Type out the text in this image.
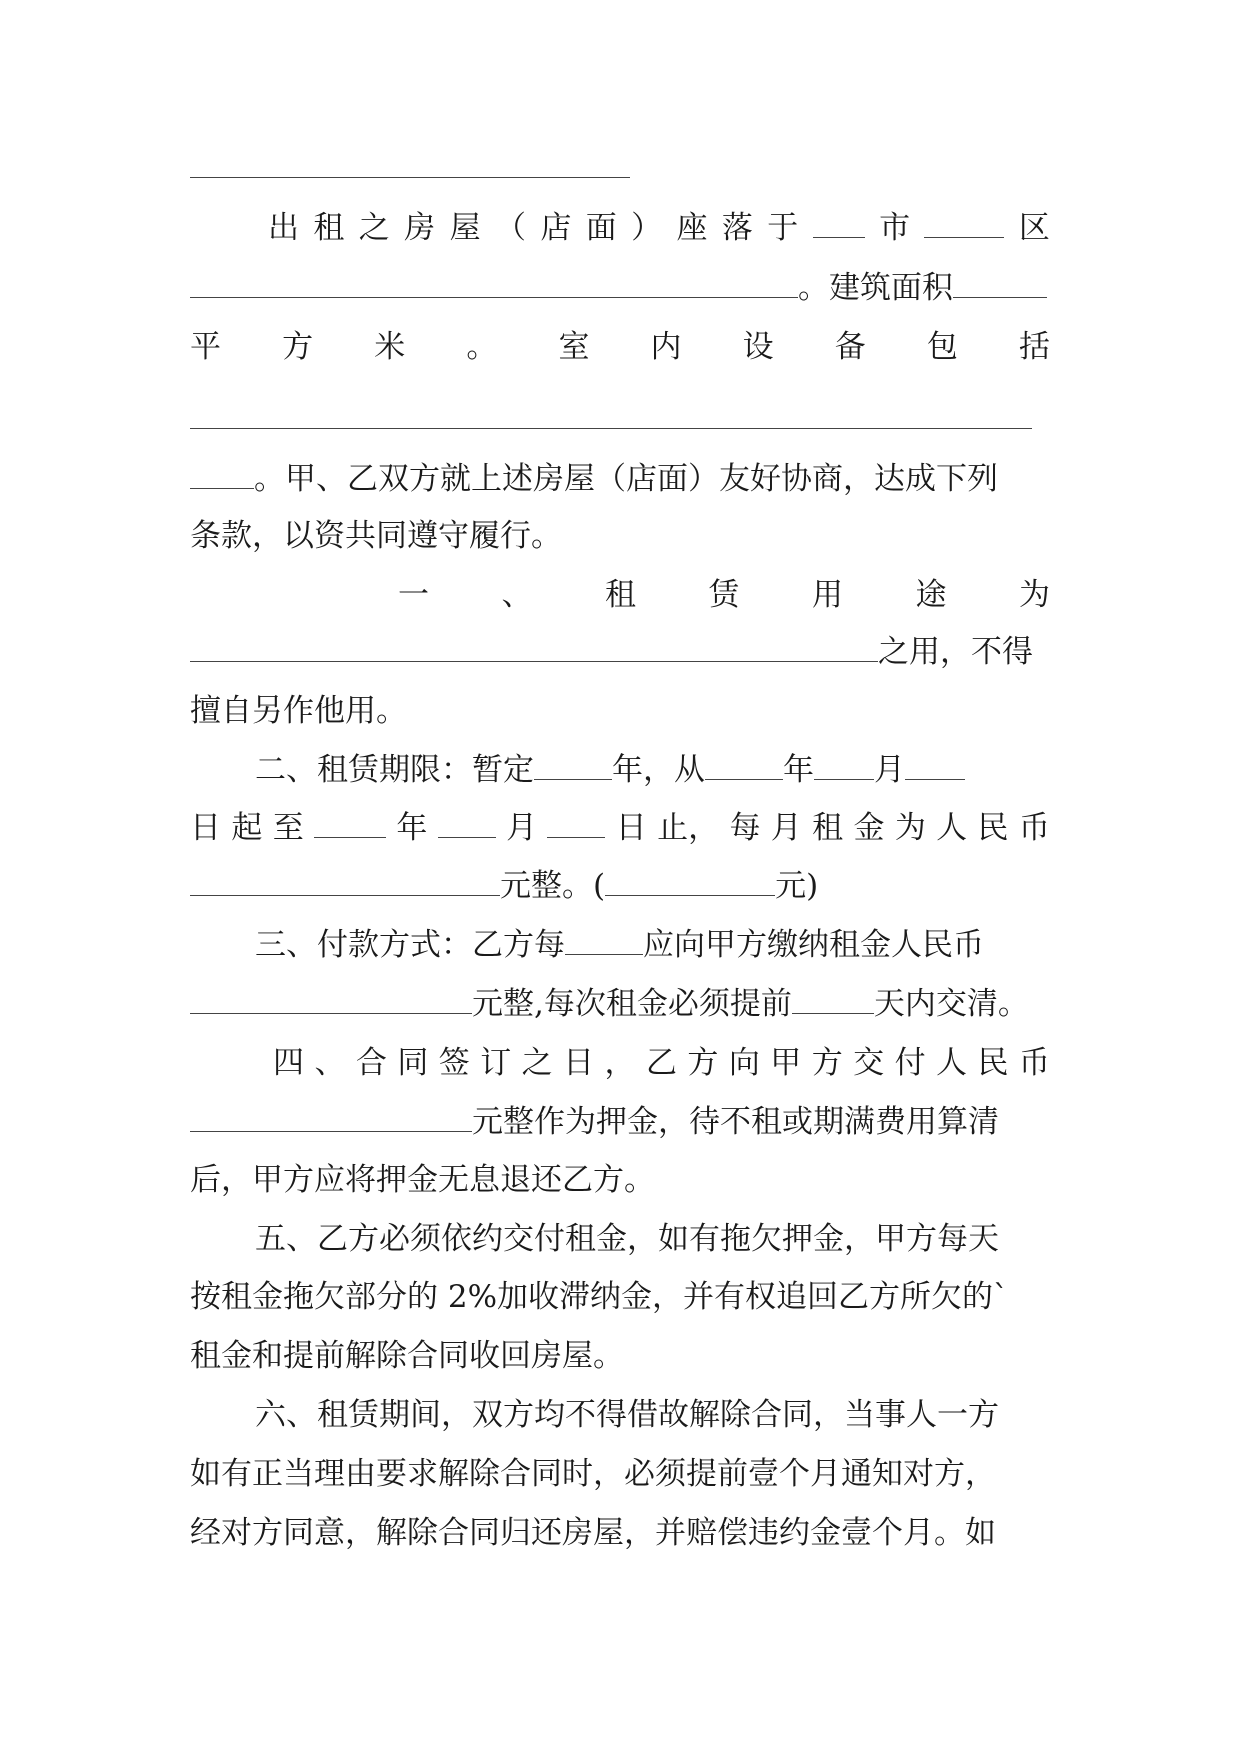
出 租 之 房 屋 （ 店 面 ） 座 落 于	市	区
。建筑面积
平 方 米 。 室 内 设 备 包 括
。甲、乙双方就上述房屋（店面）友好协商，达成下列
条款，以资共同遵守履行。
一 、 租 赁 用 途 为
之用，不得
擅自另作他用。
二、租赁期限：暂定	年，从	年 月
日 起 至	年	月	日 止， 每 月 租 金 为 人 民 币
元整。(	元)
三、付款方式：乙方每	应向甲方缴纳租金人民币
元整,每次租金必须提前	天内交清。
四 、 合 同 签 订 之 日 ， 乙 方 向 甲 方 交 付 人 民 币
元整作为押金，待不租或期满费用算清
后，甲方应将押金无息退还乙方。
五、乙方必须依约交付租金，如有拖欠押金，甲方每天
按租金拖欠部分的 2%加收滞纳金，并有权追回乙方所欠的`
租金和提前解除合同收回房屋。
六、租赁期间，双方均不得借故解除合同，当事人一方
如有正当理由要求解除合同时，必须提前壹个月通知对方，
经对方同意，解除合同归还房屋，并赔偿违约金壹个月。如
